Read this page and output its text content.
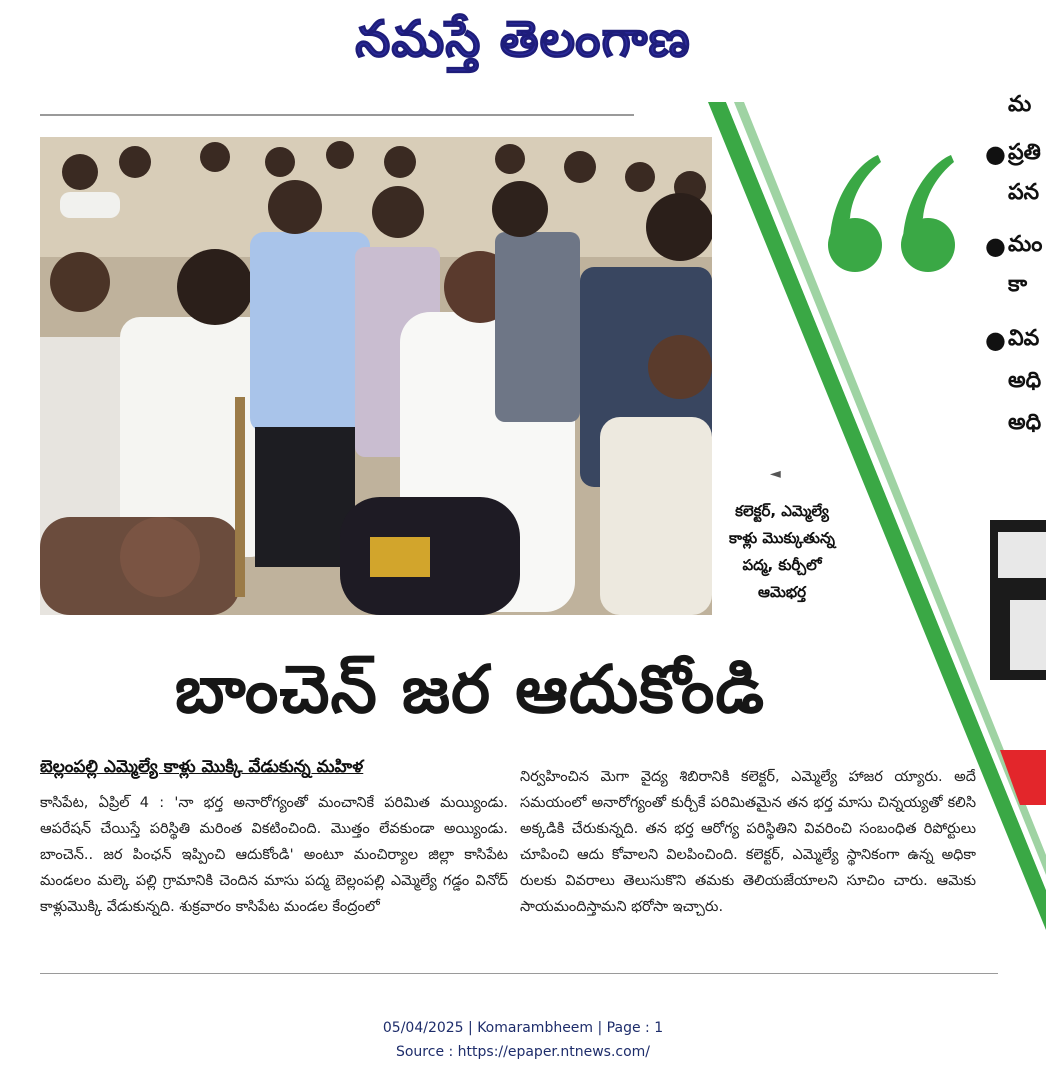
నమస్తే తెలంగాణ
మ
● ప్రతి
పన
● మం
కా
● వివ
అధి
అధి
◄
కలెక్టర్, ఎమ్మెల్యే కాళ్లు మొక్కుతున్న పద్మ, కుర్చీలో ఆమెభర్త
బాంచెన్ జర ఆదుకోండి
బెల్లంపల్లి ఎమ్మెల్యే కాళ్లు మొక్కి వేడుకున్న మహిళ

కాసిపేట, ఏప్రిల్ 4 : 'నా భర్త అనారోగ్యంతో మంచానికే పరిమిత మయ్యిండు. ఆపరేషన్ చేయిస్తే పరిస్థితి మరింత వికటించింది. మొత్తం లేవకుండా అయ్యిండు. బాంచెన్.. జర పింఛన్ ఇప్పించి ఆదుకోండి' అంటూ మంచిర్యాల జిల్లా కాసిపేట మండలం మల్కె పల్లి గ్రామానికి చెందిన మాసు పద్మ బెల్లంపల్లి ఎమ్మెల్యే గడ్డం వినోద్ కాళ్లుమొక్కి వేడుకున్నది. శుక్రవారం కాసిపేట మండల కేంద్రంలో

నిర్వహించిన మెగా వైద్య శిబిరానికి కలెక్టర్, ఎమ్మెల్యే హాజర య్యారు. అదే సమయంలో అనారోగ్యంతో కుర్చీకే పరిమితమైన తన భర్త మాసు చిన్నయ్యతో కలిసి అక్కడికి చేరుకున్నది. తన భర్త ఆరోగ్య పరిస్థితిని వివరించి సంబంధిత రిపోర్టులు చూపించి ఆదు కోవాలని విలపించింది. కలెక్టర్, ఎమ్మెల్యే స్థానికంగా ఉన్న అధికా రులకు వివరాలు తెలుసుకొని తమకు తెలియజేయాలని సూచిం చారు. ఆమెకు సాయమందిస్తామని భరోసా ఇచ్చారు.

05/04/2025 | Komarambheem | Page : 1
Source : https://epaper.ntnews.com/
